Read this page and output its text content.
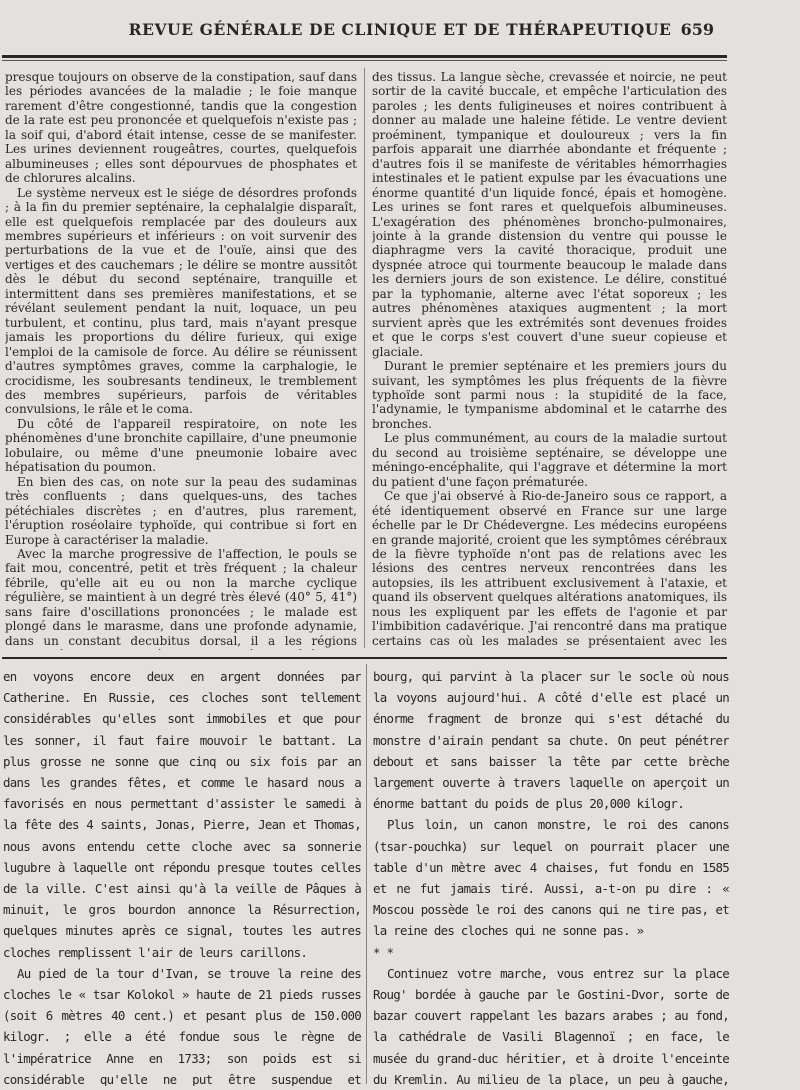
REVUE GÉNÉRALE DE CLINIQUE ET DE THÉRAPEUTIQUE 659

presque toujours on observe de la constipation, sauf dans les périodes avancées de la maladie ; le foie manque rarement d'être congestionné, tandis que la congestion de la rate est peu prononcée et quelquefois n'existe pas ; la soif qui, d'abord était intense, cesse de se manifester. Les urines deviennent rougeâtres, courtes, quelquefois albumineuses ; elles sont dépourvues de phosphates et de chlorures alcalins.

Le système nerveux est le siége de désordres profonds ; à la fin du premier septénaire, la cephalalgie disparaît, elle est quelquefois remplacée par des douleurs aux membres supérieurs et inférieurs : on voit survenir des perturbations de la vue et de l'ouïe, ainsi que des vertiges et des cauchemars ; le délire se montre aussitôt dès le début du second septénaire, tranquille et intermittent dans ses premières manifestations, et se révélant seulement pendant la nuit, loquace, un peu turbulent, et continu, plus tard, mais n'ayant presque jamais les proportions du délire furieux, qui exige l'emploi de la camisole de force. Au délire se réunissent d'autres symptômes graves, comme la carphalogie, le crocidisme, les soubresants tendineux, le tremblement des membres supérieurs, parfois de véritables convulsions, le râle et le coma.

Du côté de l'appareil respiratoire, on note les phénomènes d'une bronchite capillaire, d'une pneumonie lobulaire, ou même d'une pneumonie lobaire avec hépatisation du poumon.

En bien des cas, on note sur la peau des sudaminas très confluents ; dans quelques-uns, des taches pétéchiales discrètes ; en d'autres, plus rarement, l'éruption roséolaire typhoïde, qui contribue si fort en Europe à caractériser la maladie.

Avec la marche progressive de l'affection, le pouls se fait mou, concentré, petit et très fréquent ; la chaleur fébrile, qu'elle ait eu ou non la marche cyclique régulière, se maintient à un degré très élevé (40° 5, 41°) sans faire d'oscillations prononcées ; le malade est plongé dans le marasme, dans une profonde adynamie, dans un constant decubitus dorsal, il a les régions

des tissus. La langue sèche, crevassée et noircie, ne peut sortir de la cavité buccale, et empêche l'articulation des paroles ; les dents fuligineuses et noires contribuent à donner au malade une haleine fétide. Le ventre devient proéminent, tympanique et douloureux ; vers la fin parfois apparait une diarrhée abondante et fréquente ; d'autres fois il se manifeste de véritables hémorrhagies intestinales et le patient expulse par les évacuations une énorme quantité d'un liquide foncé, épais et homogène. Les urines se font rares et quelquefois albumineuses. L'exagération des phénomènes broncho-pulmonaires, jointe à la grande distension du ventre qui pousse le diaphragme vers la cavité thoracique, produit une dyspnée atroce qui tourmente beaucoup le malade dans les derniers jours de son existence. Le délire, constitué par la typhomanie, alterne avec l'état soporeux ; les autres phénomènes ataxiques augmentent ; la mort survient après que les extrémités sont devenues froides et que le corps s'est couvert d'une sueur copieuse et glaciale.

Durant le premier septénaire et les premiers jours du suivant, les symptômes les plus fréquents de la fièvre typhoïde sont parmi nous : la stupidité de la face, l'adynamie, le tympanisme abdominal et le catarrhe des bronches.

Le plus communément, au cours de la maladie surtout du second au troisième septénaire, se développe une méningo-encéphalite, qui l'aggrave et détermine la mort du patient d'une façon prématurée.

Ce que j'ai observé à Rio-de-Janeiro sous ce rapport, a été identiquement observé en France sur une large échelle par le Dr Chédevergne. Les médecins européens en grande majorité, croient que les symptômes cérébraux de la fièvre typhoïde n'ont pas de relations avec les lésions des centres nerveux rencontrées dans les autopsies, ils les attribuent exclusivement à l'ataxie, et quand ils observent quelques altérations anatomiques, ils nous les expliquent par les effets de l'agonie et par l'imbibition cadavérique. J'ai rencontré dans ma pratique certains cas où les malades se présentaient avec les

en voyons encore deux en argent données par Catherine. En Russie, ces cloches sont tellement considérables qu'elles sont immobiles et que pour les sonner, il faut faire mouvoir le battant. La plus grosse ne sonne que cinq ou six fois par an dans les grandes fêtes, et comme le hasard nous a favorisés en nous permettant d'assister le samedi à la fête des 4 saints, Jonas, Pierre, Jean et Thomas, nous avons entendu cette cloche avec sa sonnerie lugubre à laquelle ont répondu presque toutes celles de la ville. C'est ainsi qu'à la veille de Pâques à minuit, le gros bourdon annonce la Résurrection, quelques minutes après ce signal, toutes les autres cloches remplissent l'air de leurs carillons.

Au pied de la tour d'Ivan, se trouve la reine des cloches le « tsar Kolokol » haute de 21 pieds russes (soit 6 mètres 40 cent.) et pesant plus de 150.000 kilogr. ; elle a été fondue sous le règne de l'impératrice Anne en 1733; son poids est si considérable qu'elle ne put être suspendue et

bourg, qui parvint à la placer sur le socle où nous la voyons aujourd'hui. A côté d'elle est placé un énorme fragment de bronze qui s'est détaché du monstre d'airain pendant sa chute. On peut pénétrer debout et sans baisser la tête par cette brèche largement ouverte à travers laquelle on aperçoit un énorme battant du poids de plus 20,000 kilogr.

Plus loin, un canon monstre, le roi des canons (tsar-pouchka) sur lequel on pourrait placer une table d'un mètre avec 4 chaises, fut fondu en 1585 et ne fut jamais tiré. Aussi, a-t-on pu dire : « Moscou possède le roi des canons qui ne tire pas, et la reine des cloches qui ne sonne pas. »

* *

Continuez votre marche, vous entrez sur la place Roug' bordée à gauche par le Gostini-Dvor, sorte de bazar couvert rappelant les bazars arabes ; au fond, la cathédrale de Vasili Blagennoï ; en face, le musée du grand-duc héritier, et à droite l'enceinte du Kremlin. Au milieu de la place, un peu à gauche,
